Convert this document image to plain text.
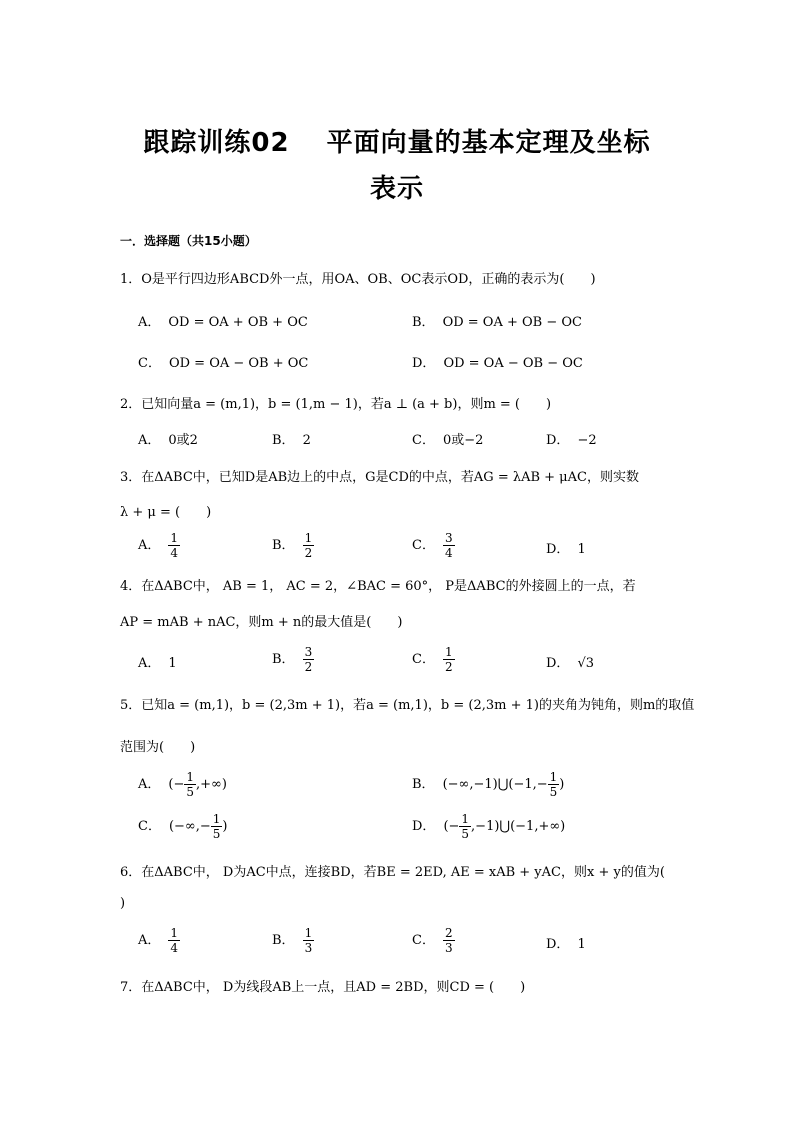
跟踪训练02　 平面向量的基本定理及坐标
表示
一．选择题（共15小题）
1．O是平行四边形ABCD外一点，用OA、OB、OC表示OD，正确的表示为(　　)
A． OD = OA + OB + OC	B． OD = OA + OB − OC
C． OD = OA − OB + OC	D． OD = OA − OB − OC
2．已知向量a = (m,1)，b = (1,m − 1)，若a ⊥ (a + b)，则m = (　　)
A． 0或2	B． 2	C． 0或−2	D． −2
3．在ΔABC中，已知D是AB边上的中点，G是CD的中点，若AG = λAB + μAC，则实数
λ + μ = (　　)
A． $\frac{1}{4}$	B． $\frac{1}{2}$	C． $\frac{3}{4}$	D． 1
4．在ΔABC中， AB = 1， AC = 2，∠BAC = 60°， P是ΔABC的外接圆上的一点，若
AP = mAB + nAC，则m + n的最大值是(　　)
A． 1	B． $\frac{3}{2}$	C． $\frac{1}{2}$	D． √3
5．已知a = (m,1)，b = (2,3m + 1)，若a = (m,1)，b = (2,3m + 1)的夹角为钝角，则m的取值
范围为(　　)
A． (− $\frac{1}{5}$ ,+∞)	B． (−∞,−1)⋃(−1,− $\frac{1}{5}$ )
C． (−∞,− $\frac{1}{5}$ )	D． (− $\frac{1}{5}$ ,−1)⋃(−1,+∞)
6．在ΔABC中， D为AC中点，连接BD，若BE = 2ED, AE = xAB + yAC，则x + y的值为(
)
A． $\frac{1}{4}$	B． $\frac{1}{3}$	C． $\frac{2}{3}$	D． 1
7．在ΔABC中， D为线段AB上一点，且AD = 2BD，则CD = (　　)
